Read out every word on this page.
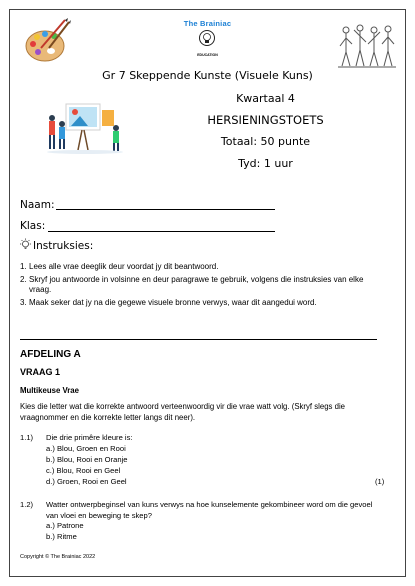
The Brainiac
EDUCATION
Gr 7 Skeppende Kunste (Visuele Kuns)
Kwartaal 4
HERSIENINGSTOETS
Totaal: 50 punte
Tyd: 1 uur
Naam:
Klas:
Instruksies:
1. Lees alle vrae deeglik deur voordat jy dit beantwoord.
2. Skryf jou antwoorde in volsinne en deur paragrawe te gebruik, volgens die instruksies van elke vraag.
3. Maak seker dat jy na die gegewe visuele bronne verwys, waar dit aangedui word.
AFDELING A
VRAAG 1
Multikeuse Vrae
Kies die letter wat die korrekte antwoord verteenwoordig vir die vrae watt volg. (Skryf slegs die vraagnommer en die korrekte letter langs dit neer).
1.1) Die drie primêre kleure is:
a.) Blou, Groen en Rooi
b.) Blou, Rooi en Oranje
c.) Blou, Rooi en Geel
d.) Groen, Rooi en Geel	(1)
1.2) Watter ontwerpbeginsel van kuns verwys na hoe kunselemente gekombineer word om die gevoel van vloei en beweging te skep?
a.) Patrone
b.) Ritme
Copyright © The Brainiac 2022
